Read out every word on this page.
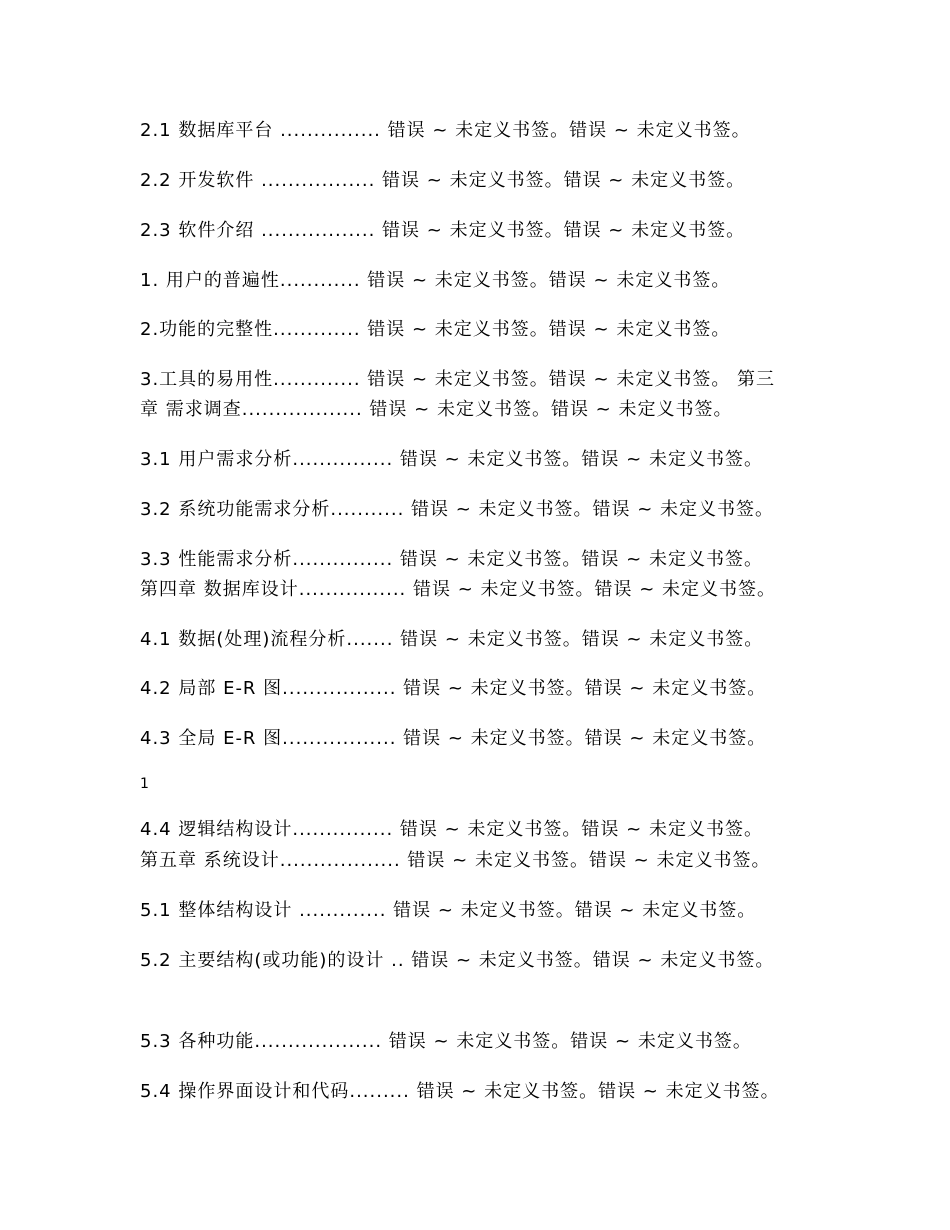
2.1 数据库平台 ............... 错误 ~ 未定义书签。错误 ~ 未定义书签。
2.2 开发软件 ................. 错误 ~ 未定义书签。错误 ~ 未定义书签。
2.3 软件介绍 ................. 错误 ~ 未定义书签。错误 ~ 未定义书签。
1. 用户的普遍性............ 错误 ~ 未定义书签。错误 ~ 未定义书签。
2.功能的完整性............. 错误 ~ 未定义书签。错误 ~ 未定义书签。
3.工具的易用性............. 错误 ~ 未定义书签。错误 ~ 未定义书签。 第三
章 需求调查.................. 错误 ~ 未定义书签。错误 ~ 未定义书签。
3.1 用户需求分析............... 错误 ~ 未定义书签。错误 ~ 未定义书签。
3.2 系统功能需求分析........... 错误 ~ 未定义书签。错误 ~ 未定义书签。
3.3 性能需求分析............... 错误 ~ 未定义书签。错误 ~ 未定义书签。
第四章 数据库设计................ 错误 ~ 未定义书签。错误 ~ 未定义书签。
4.1 数据(处理)流程分析....... 错误 ~ 未定义书签。错误 ~ 未定义书签。
4.2 局部 E-R 图................. 错误 ~ 未定义书签。错误 ~ 未定义书签。
4.3 全局 E-R 图................. 错误 ~ 未定义书签。错误 ~ 未定义书签。
1
4.4 逻辑结构设计............... 错误 ~ 未定义书签。错误 ~ 未定义书签。
第五章 系统设计.................. 错误 ~ 未定义书签。错误 ~ 未定义书签。
5.1 整体结构设计 ............. 错误 ~ 未定义书签。错误 ~ 未定义书签。
5.2 主要结构(或功能)的设计 .. 错误 ~ 未定义书签。错误 ~ 未定义书签。
5.3 各种功能................... 错误 ~ 未定义书签。错误 ~ 未定义书签。
5.4 操作界面设计和代码......... 错误 ~ 未定义书签。错误 ~ 未定义书签。
